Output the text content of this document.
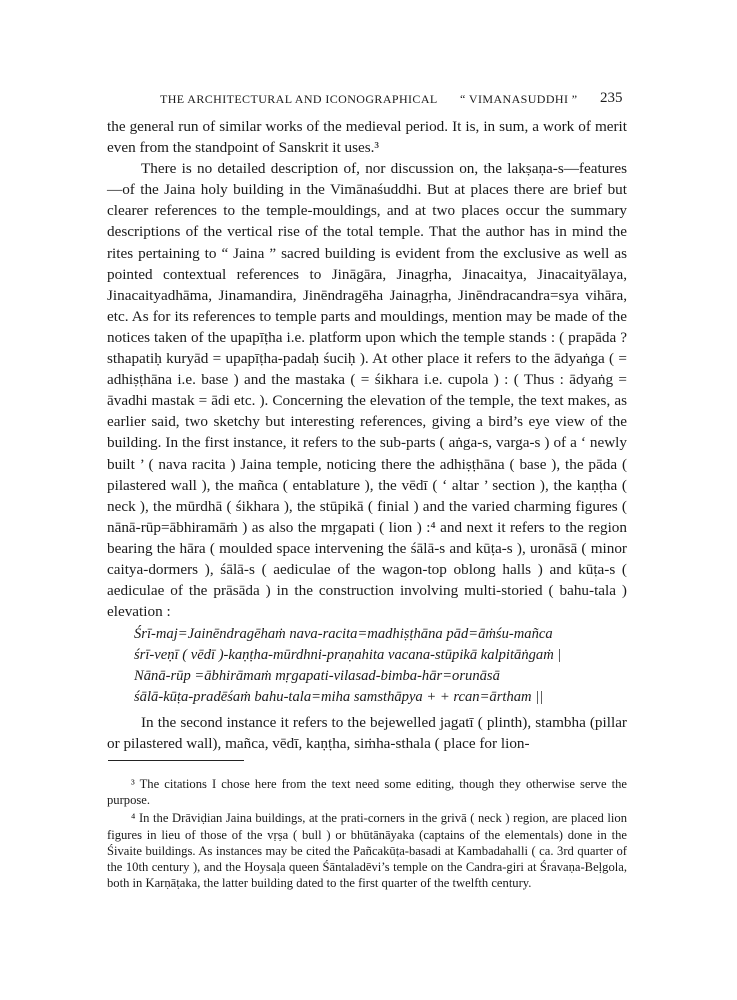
THE ARCHITECTURAL AND ICONOGRAPHICAL “ VIMANASUDDHI ” 235

the general run of similar works of the medieval period. It is, in sum, a work of merit even from the standpoint of Sanskrit it uses.³

There is no detailed description of, nor discussion on, the lakṣaṇa-s—features—of the Jaina holy building in the Vimānaśuddhi. But at places there are brief but clearer references to the temple-mouldings, and at two places occur the summary descriptions of the vertical rise of the total temple. That the author has in mind the rites pertaining to “ Jaina ” sacred building is evident from the exclusive as well as pointed contextual references to Jināgāra, Jinagṛha, Jinacaitya, Jinacaityālaya, Jinacaityadhāma, Jinamandira, Jinēndragēha Jainagṛha, Jinēndracandra=sya vihāra, etc. As for its references to temple parts and mouldings, mention may be made of the notices taken of the upapīṭha i.e. platform upon which the temple stands : ( prapāda ? sthapatiḥ kuryād = upapīṭha-padaḥ śuciḥ ). At other place it refers to the ādyaṅga ( = adhiṣṭhāna i.e. base ) and the mastaka ( = śikhara i.e. cupola ) : ( Thus : ādyaṅg = āvadhi mastak = ādi etc. ). Concerning the elevation of the temple, the text makes, as earlier said, two sketchy but interesting references, giving a bird’s eye view of the building. In the first instance, it refers to the sub-parts ( aṅga-s, varga-s ) of a ‘ newly built ’ ( nava racita ) Jaina temple, noticing there the adhiṣṭhāna ( base ), the pāda ( pilastered wall ), the mañca ( entablature ), the vēdī ( ‘ altar ’ section ), the kaṇṭha ( neck ), the mūrdhā ( śikhara ), the stūpikā ( finial ) and the varied charming figures ( nānā-rūp=ābhiramāṁ ) as also the mṛgapati ( lion ) :⁴ and next it refers to the region bearing the hāra ( moulded space intervening the śālā-s and kūṭa-s ), uronāsā ( minor caitya-dormers ), śālā-s ( aediculae of the wagon-top oblong halls ) and kūṭa-s ( aediculae of the prāsāda ) in the construction involving multi-storied ( bahu-tala ) elevation :

Śrī-maj=Jainēndragēhaṁ nava-racita=madhiṣṭhāna pād=āṁśu-mañca
śrī-veṇī ( vēdī )-kaṇṭha-mūrdhni-praṇahita vacana-stūpikā kalpitāṅgaṁ |
Nānā-rūp =ābhirāmaṁ mṛgapati-vilasad-bimba-hār=orunāsā
śālā-kūṭa-pradēśaṁ bahu-tala=miha samsthāpya + + rcan=ārtham ||

In the second instance it refers to the bejewelled jagatī ( plinth), stambha (pillar or pilastered wall), mañca, vēdī, kaṇṭha, siṁha-sthala ( place for lion-

³ The citations I chose here from the text need some editing, though they otherwise serve the purpose.

⁴ In the Drāviḍian Jaina buildings, at the prati-corners in the grivā ( neck ) region, are placed lion figures in lieu of those of the vṛṣa ( bull ) or bhūtānāyaka (captains of the elementals) done in the Śivaite buildings. As instances may be cited the Pañcakūṭa-basadi at Kambadahalli ( ca. 3rd quarter of the 10th century ), and the Hoysaḷa queen Śāntaladēvi’s temple on the Candra-giri at Śravaṇa-Beḷgola, both in Karṇāṭaka, the latter building dated to the first quarter of the twelfth century.
